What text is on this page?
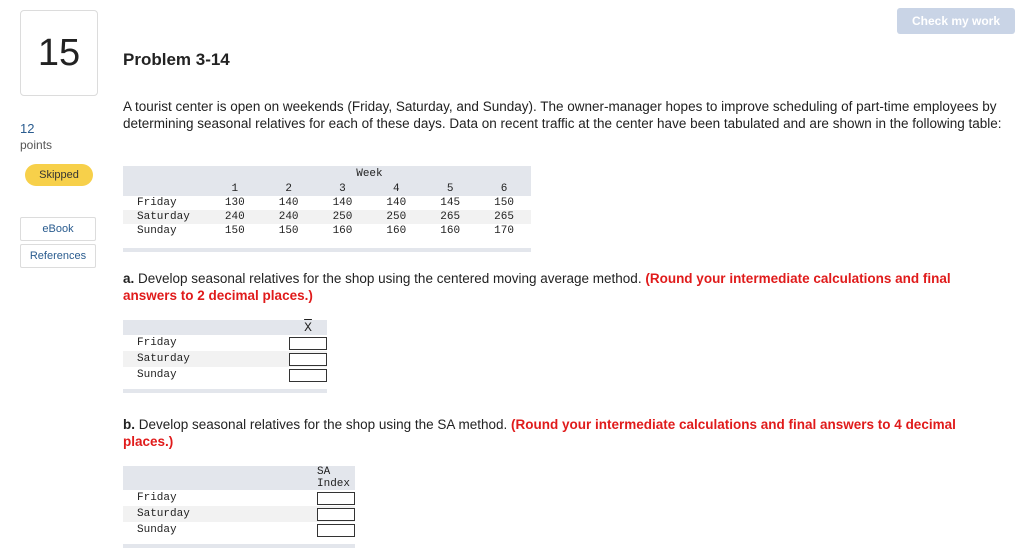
Check my work
15
12
points
Skipped
eBook
References
Problem 3-14
A tourist center is open on weekends (Friday, Saturday, and Sunday). The owner-manager hopes to improve scheduling of part-time employees by determining seasonal relatives for each of these days. Data on recent traffic at the center have been tabulated and are shown in the following table:
	Week					
	1	2	3	4	5	6
Friday	130	140	140	140	145	150
Saturday	240	240	250	250	265	265
Sunday	150	150	160	160	160	170

a. Develop seasonal relatives for the shop using the centered moving average method. (Round your intermediate calculations and final answers to 2 decimal places.)
	$\overline{X}$
Friday	

Saturday	

Sunday	

b. Develop seasonal relatives for the shop using the SA method. (Round your intermediate calculations and final answers to 4 decimal places.)
	SA Index
Friday	

Saturday	

Sunday	
